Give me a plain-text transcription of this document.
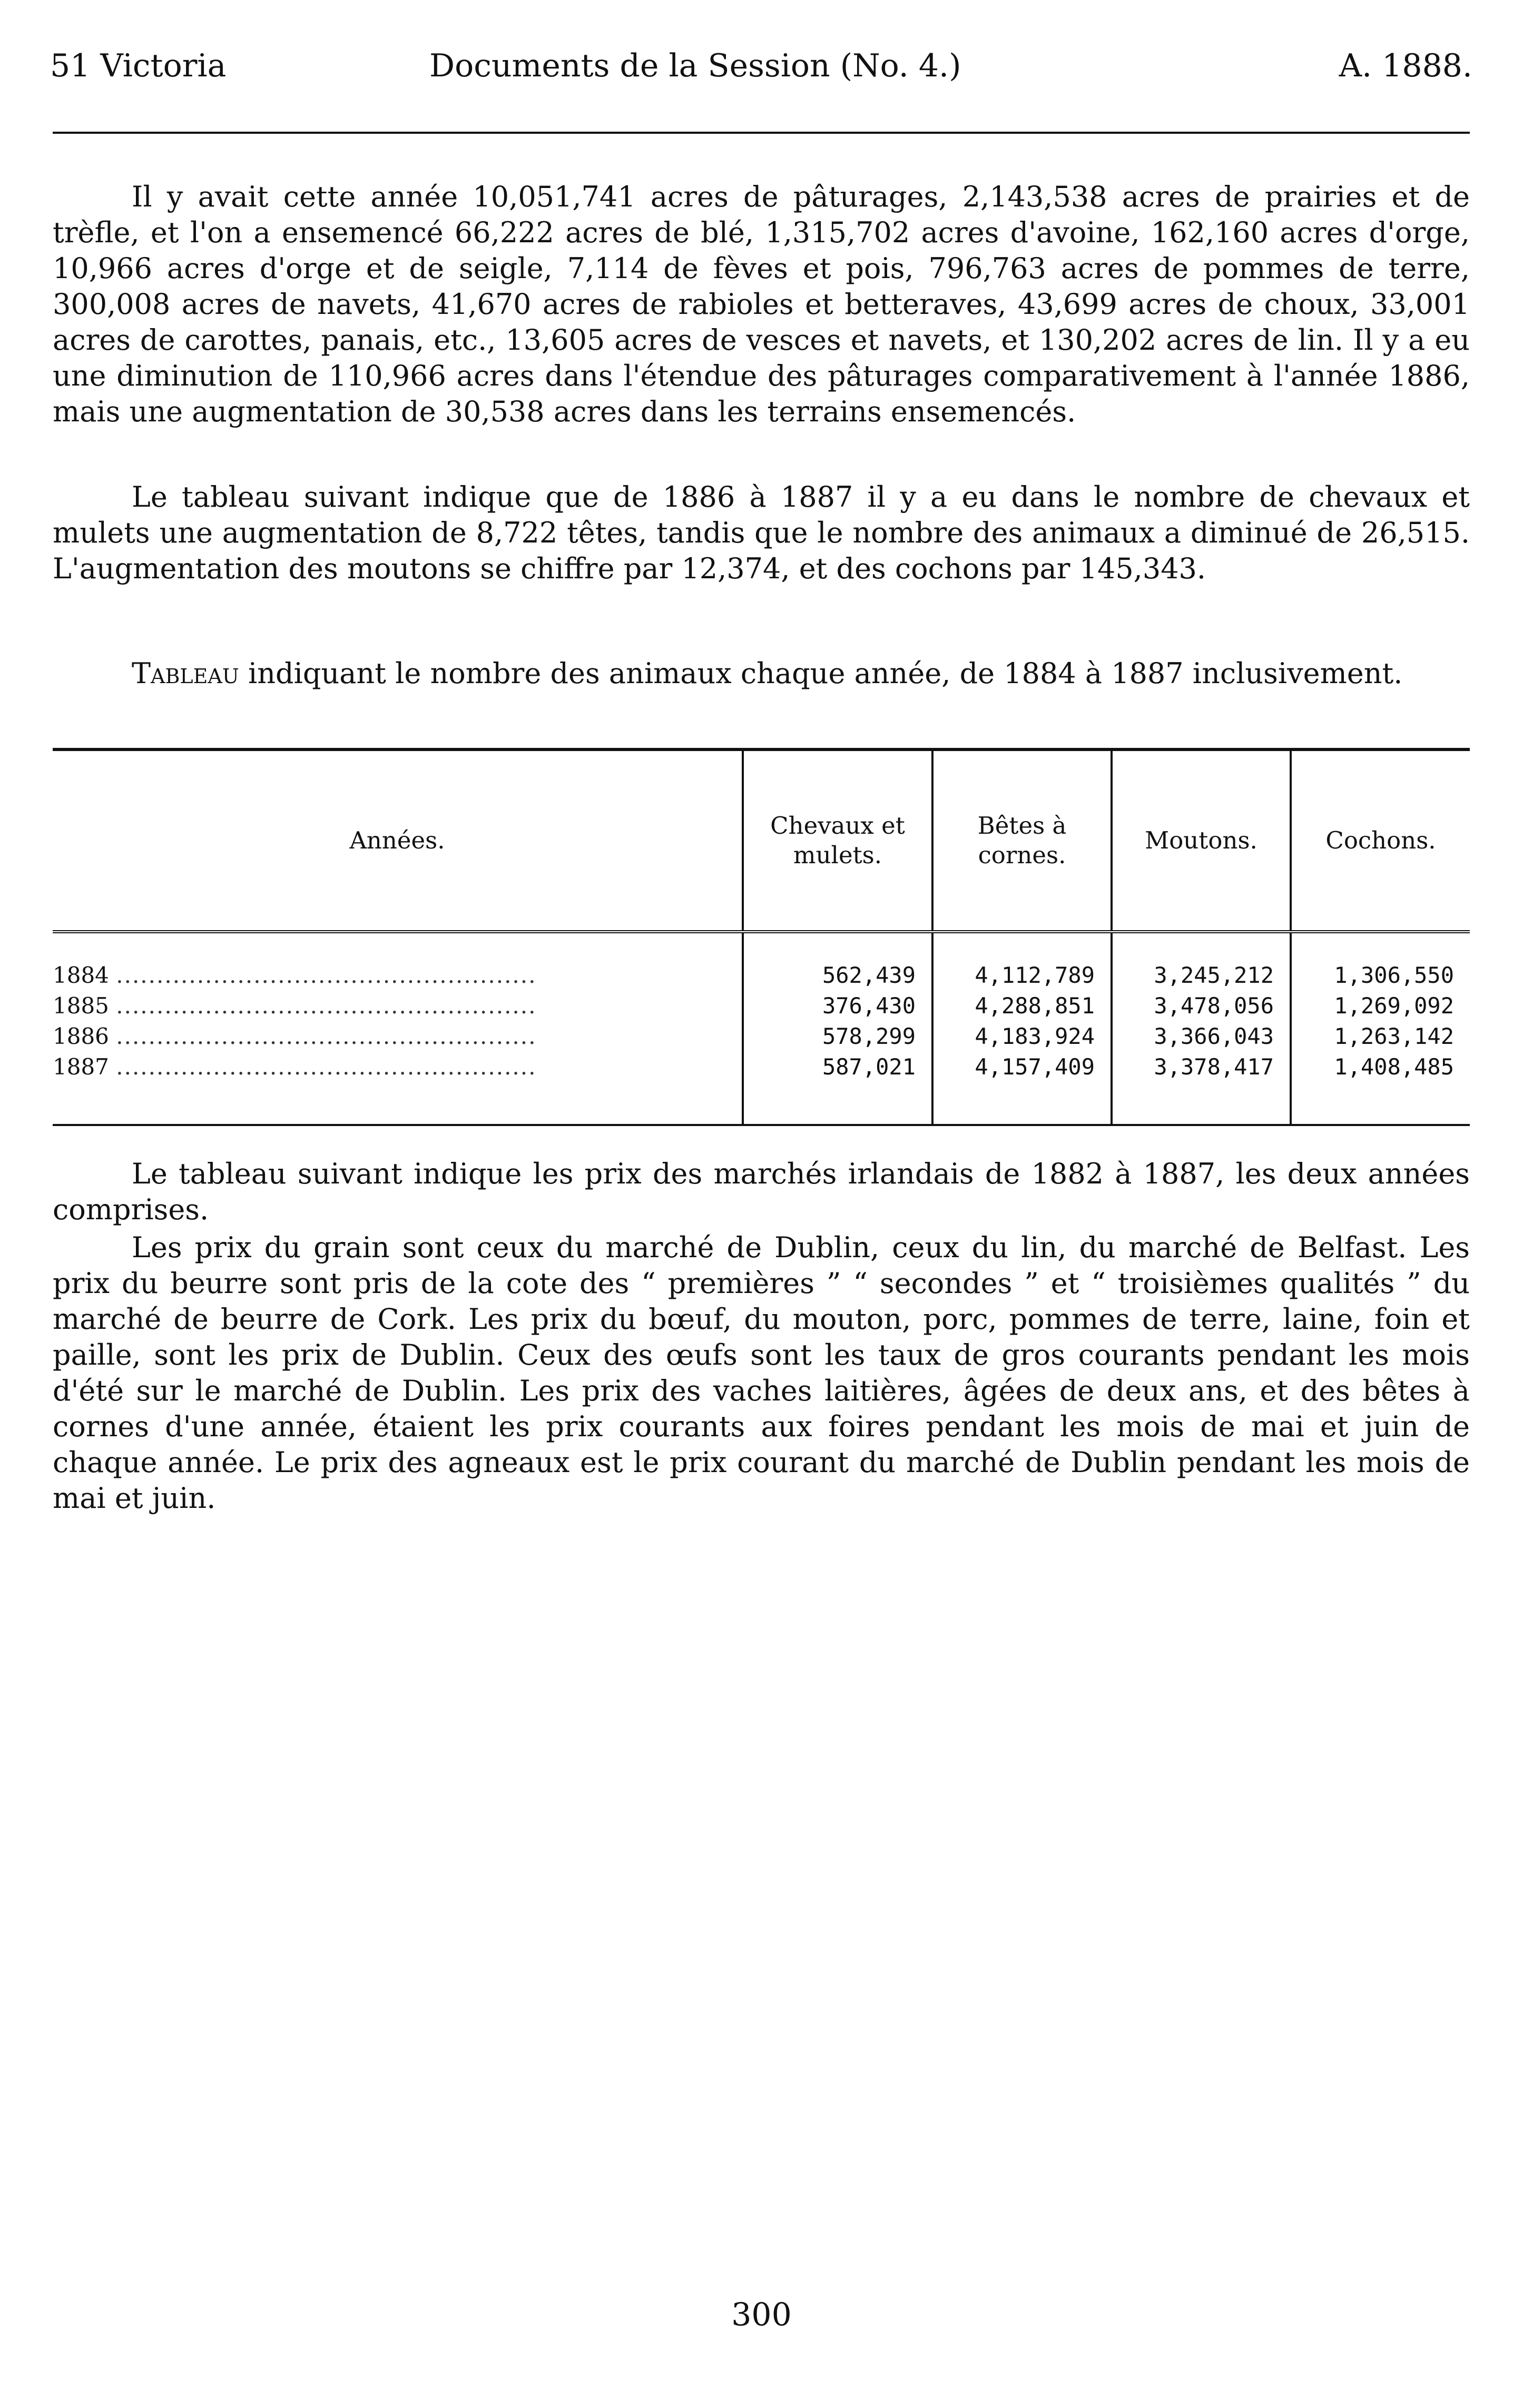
51 Victoria	Documents de la Session (No. 4.)	A. 1888.

Il y avait cette année 10,051,741 acres de pâturages, 2,143,538 acres de prairies et de trèfle, et l'on a ensemencé 66,222 acres de blé, 1,315,702 acres d'avoine, 162,160 acres d'orge, 10,966 acres d'orge et de seigle, 7,114 de fèves et pois, 796,763 acres de pommes de terre, 300,008 acres de navets, 41,670 acres de rabioles et betteraves, 43,699 acres de choux, 33,001 acres de carottes, panais, etc., 13,605 acres de vesces et navets, et 130,202 acres de lin. Il y a eu une diminution de 110,966 acres dans l'étendue des pâturages comparativement à l'année 1886, mais une augmentation de 30,538 acres dans les terrains ensemencés.

Le tableau suivant indique que de 1886 à 1887 il y a eu dans le nombre de chevaux et mulets une augmentation de 8,722 têtes, tandis que le nombre des animaux a diminué de 26,515. L'augmentation des moutons se chiffre par 12,374, et des cochons par 145,343.

Tableau indiquant le nombre des animaux chaque année, de 1884 à 1887 inclusivement.

Années.	Chevaux et mulets.	Bêtes à cornes.	Moutons.	Cochons.
1884 ....................................................	562,439	4,112,789	3,245,212	1,306,550
1885 ....................................................	376,430	4,288,851	3,478,056	1,269,092
1886 ....................................................	578,299	4,183,924	3,366,043	1,263,142
1887 ....................................................	587,021	4,157,409	3,378,417	1,408,485

Le tableau suivant indique les prix des marchés irlandais de 1882 à 1887, les deux années comprises.

Les prix du grain sont ceux du marché de Dublin, ceux du lin, du marché de Belfast. Les prix du beurre sont pris de la cote des “ premières ” “ secondes ” et “ troisièmes qualités ” du marché de beurre de Cork. Les prix du bœuf, du mouton, porc, pommes de terre, laine, foin et paille, sont les prix de Dublin. Ceux des œufs sont les taux de gros courants pendant les mois d'été sur le marché de Dublin. Les prix des vaches laitières, âgées de deux ans, et des bêtes à cornes d'une année, étaient les prix courants aux foires pendant les mois de mai et juin de chaque année. Le prix des agneaux est le prix courant du marché de Dublin pendant les mois de mai et juin.

300
